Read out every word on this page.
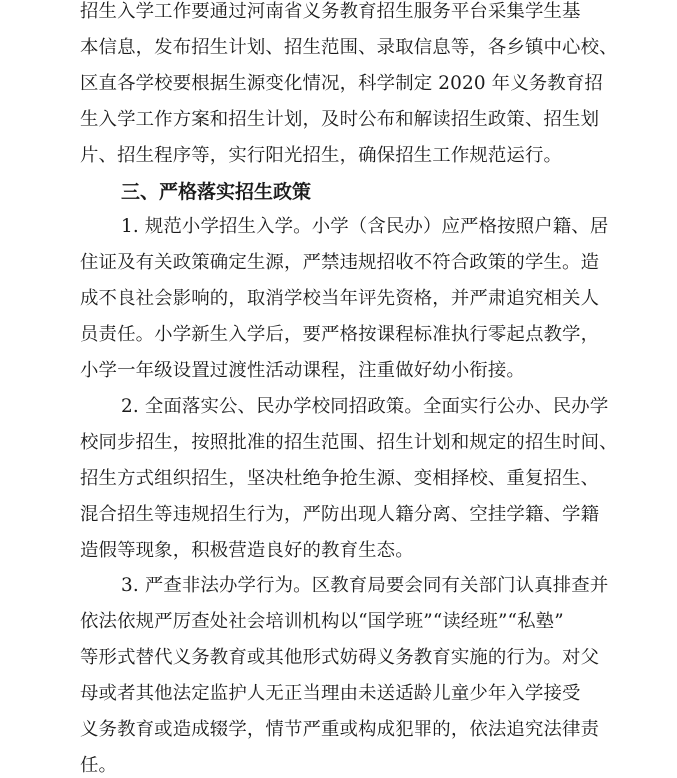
招生入学工作要通过河南省义务教育招生服务平台采集学生基
本信息，发布招生计划、招生范围、录取信息等，各乡镇中心校、
区直各学校要根据生源变化情况，科学制定 2020 年义务教育招
生入学工作方案和招生计划，及时公布和解读招生政策、招生划
片、招生程序等，实行阳光招生，确保招生工作规范运行。
三、严格落实招生政策
1. 规范小学招生入学。小学（含民办）应严格按照户籍、居
住证及有关政策确定生源，严禁违规招收不符合政策的学生。造
成不良社会影响的，取消学校当年评先资格，并严肃追究相关人
员责任。小学新生入学后，要严格按课程标准执行零起点教学，
小学一年级设置过渡性活动课程，注重做好幼小衔接。
2. 全面落实公、民办学校同招政策。全面实行公办、民办学
校同步招生，按照批准的招生范围、招生计划和规定的招生时间、
招生方式组织招生，坚决杜绝争抢生源、变相择校、重复招生、
混合招生等违规招生行为，严防出现人籍分离、空挂学籍、学籍
造假等现象，积极营造良好的教育生态。
3. 严查非法办学行为。区教育局要会同有关部门认真排查并
依法依规严厉查处社会培训机构以“国学班”“读经班”“私塾”
等形式替代义务教育或其他形式妨碍义务教育实施的行为。对父
母或者其他法定监护人无正当理由未送适龄儿童少年入学接受
义务教育或造成辍学，情节严重或构成犯罪的，依法追究法律责
任。
